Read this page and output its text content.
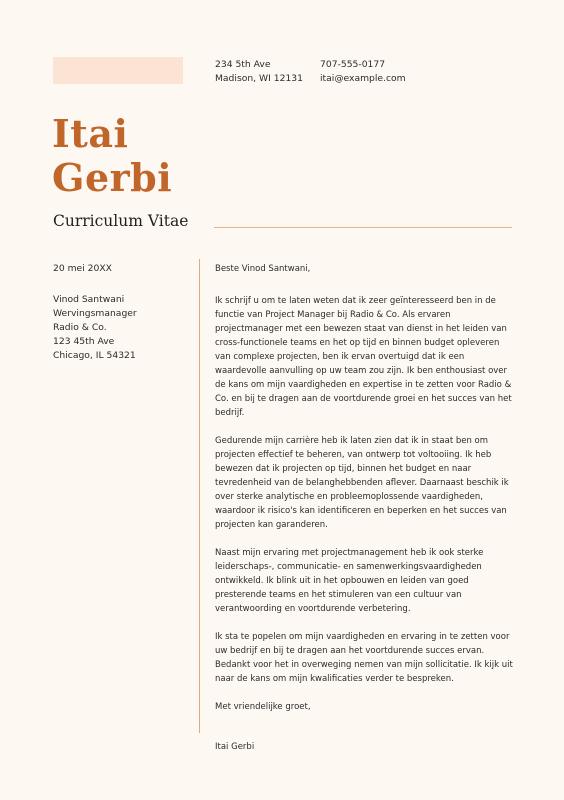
234 5th Ave
Madison, WI 12131
707-555-0177
itai@example.com
Itai
Gerbi
Curriculum Vitae
20 mei 20XX
Vinod Santwani
Wervingsmanager
Radio & Co.
123 45th Ave
Chicago, IL 54321

Beste Vinod Santwani,

Ik schrijf u om te laten weten dat ik zeer geïnteresseerd ben in de functie van Project Manager bij Radio & Co. Als ervaren projectmanager met een bewezen staat van dienst in het leiden van cross-functionele teams en het op tijd en binnen budget opleveren van complexe projecten, ben ik ervan overtuigd dat ik een waardevolle aanvulling op uw team zou zijn. Ik ben enthousiast over de kans om mijn vaardigheden en expertise in te zetten voor Radio & Co. en bij te dragen aan de voortdurende groei en het succes van het bedrijf.

Gedurende mijn carrière heb ik laten zien dat ik in staat ben om projecten effectief te beheren, van ontwerp tot voltooiing. Ik heb bewezen dat ik projecten op tijd, binnen het budget en naar tevredenheid van de belanghebbenden aflever. Daarnaast beschik ik over sterke analytische en probleemoplossende vaardigheden, waardoor ik risico's kan identificeren en beperken en het succes van projecten kan garanderen.

Naast mijn ervaring met projectmanagement heb ik ook sterke leiderschaps-, communicatie- en samenwerkingsvaardigheden ontwikkeld. Ik blink uit in het opbouwen en leiden van goed presterende teams en het stimuleren van een cultuur van verantwoording en voortdurende verbetering.

Ik sta te popelen om mijn vaardigheden en ervaring in te zetten voor uw bedrijf en bij te dragen aan het voortdurende succes ervan. Bedankt voor het in overweging nemen van mijn sollicitatie. Ik kijk uit naar de kans om mijn kwalificaties verder te bespreken.

Met vriendelijke groet,

Itai Gerbi
